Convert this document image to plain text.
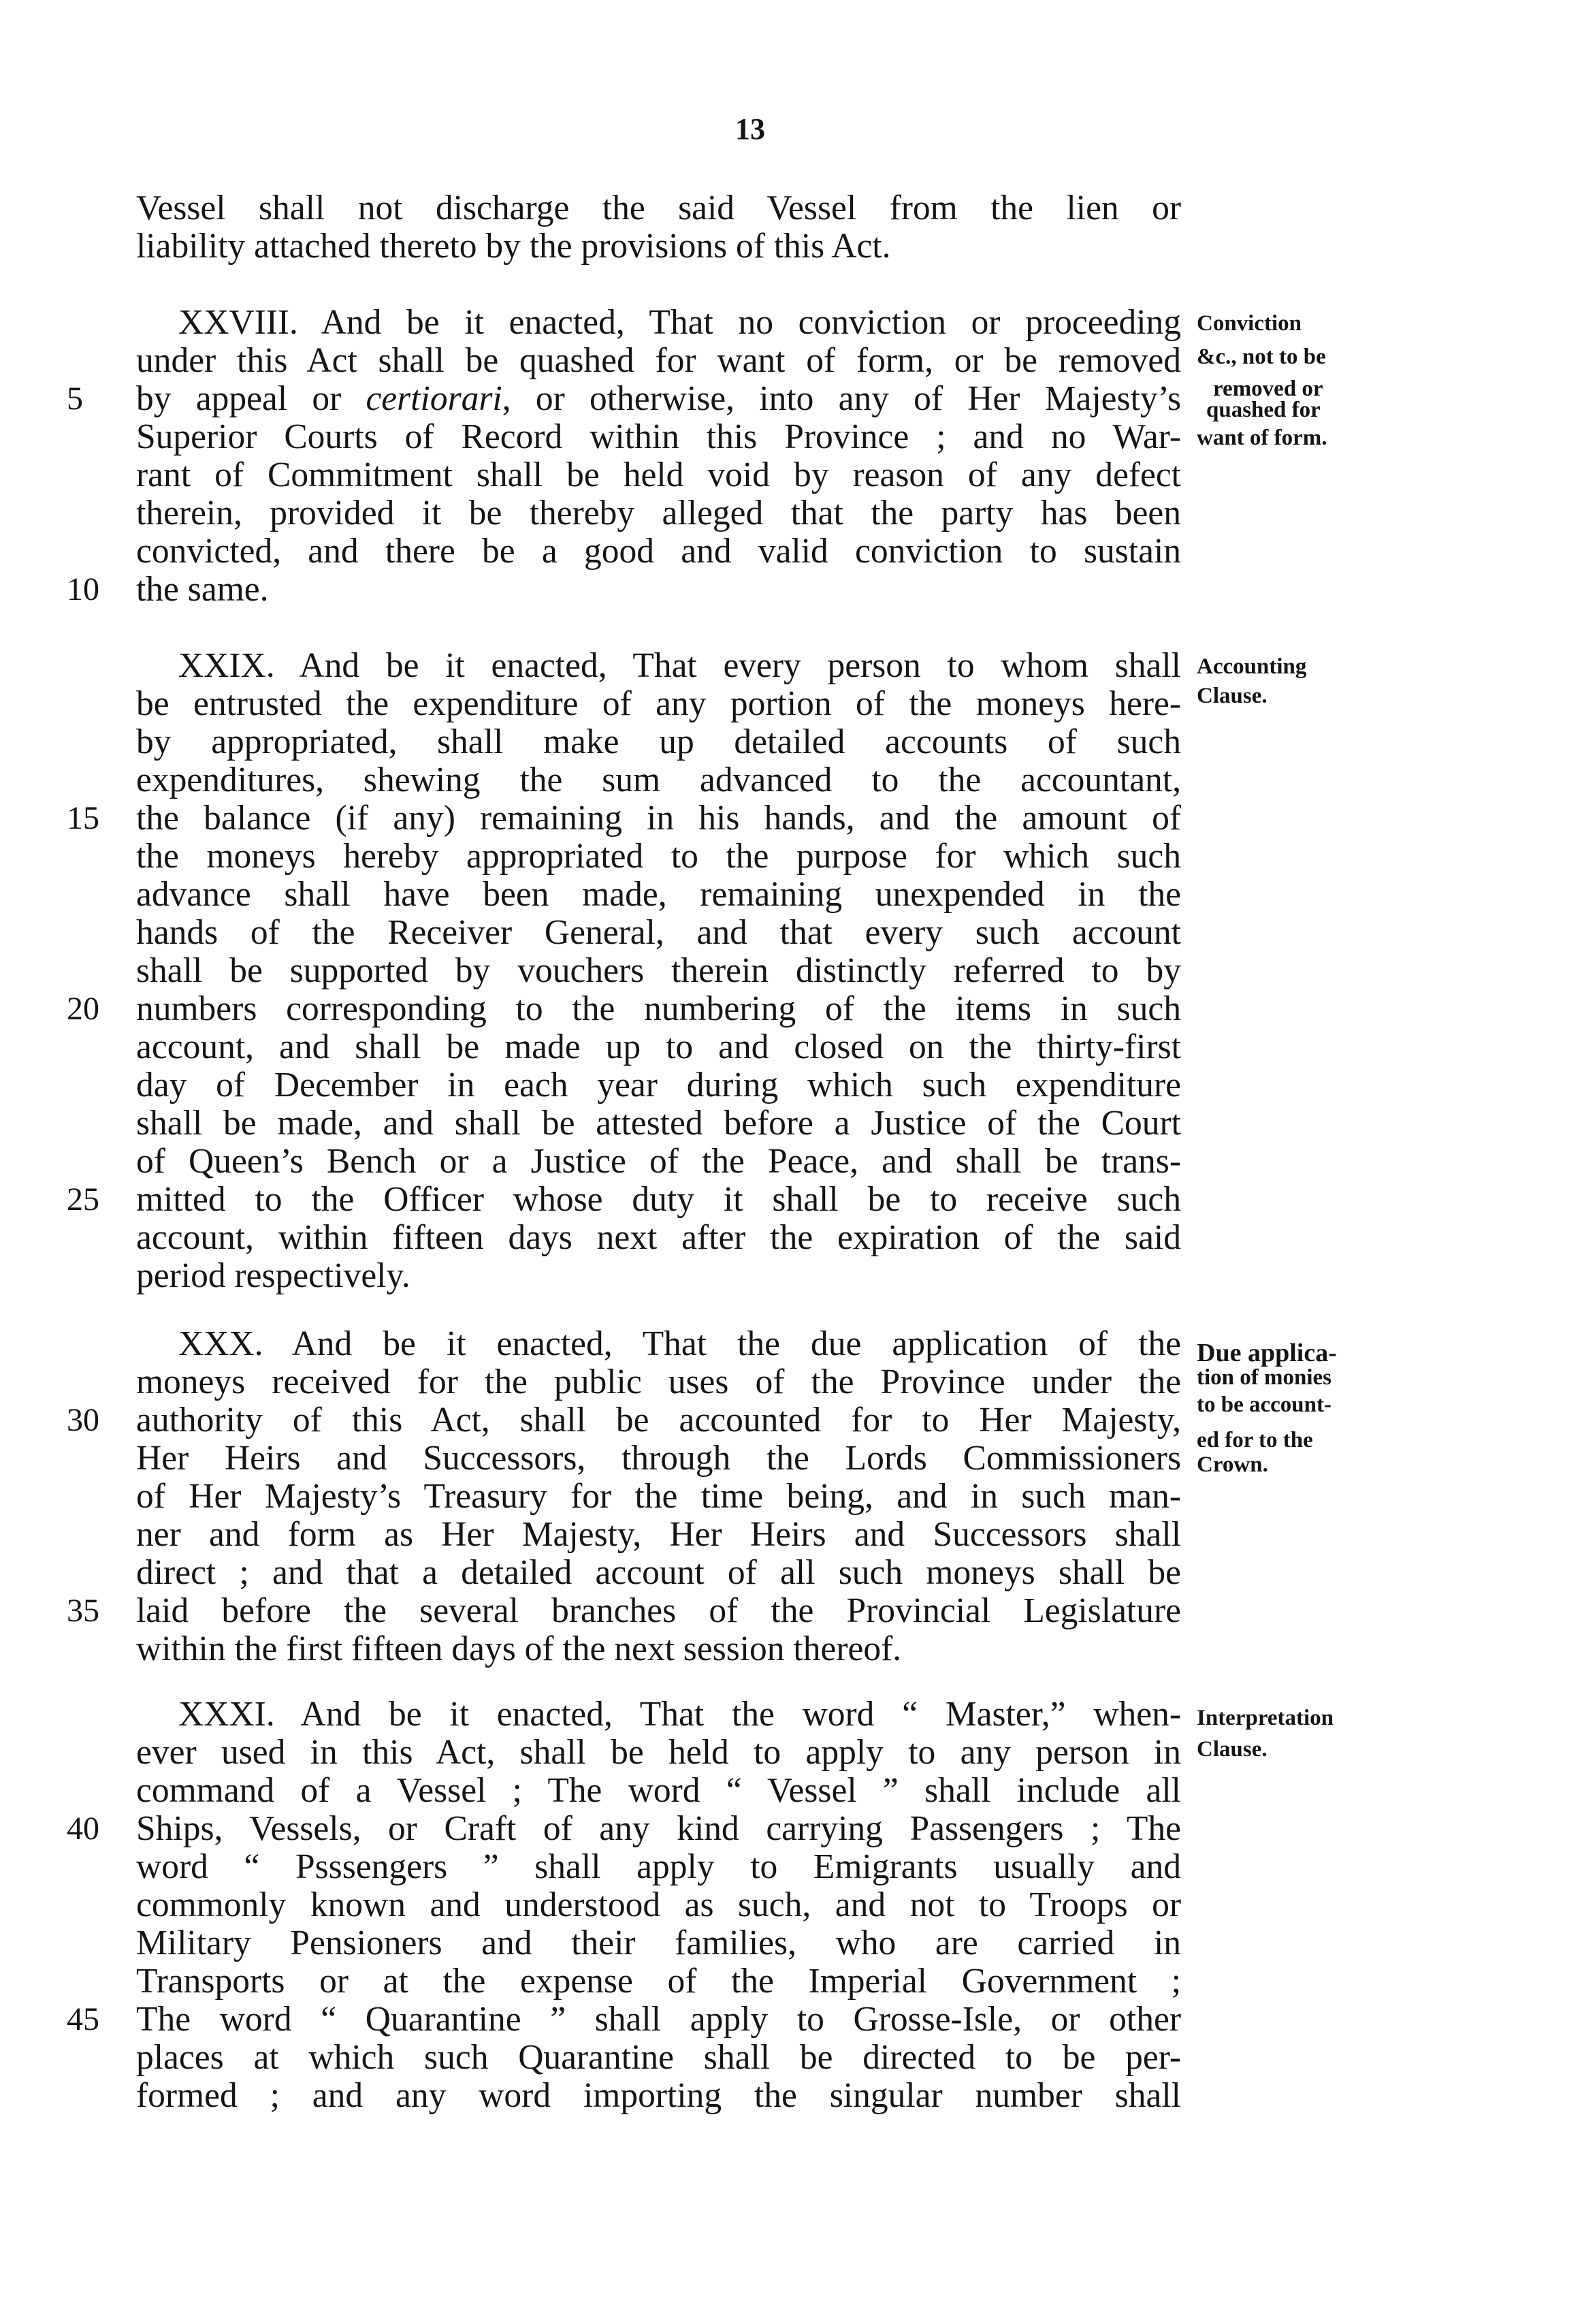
13
Vessel shall not discharge the said Vessel from the lien or
liability attached thereto by the provisions of this Act.
XXVIII. And be it enacted, That no conviction or proceeding
under this Act shall be quashed for want of form, or be removed
by appeal or certiorari, or otherwise, into any of Her Majesty’s
Superior Courts of Record within this Province ; and no War-
rant of Commitment shall be held void by reason of any defect
therein, provided it be thereby alleged that the party has been
convicted, and there be a good and valid conviction to sustain
the same.
XXIX. And be it enacted, That every person to whom shall
be entrusted the expenditure of any portion of the moneys here-
by appropriated, shall make up detailed accounts of such
expenditures, shewing the sum advanced to the accountant,
the balance (if any) remaining in his hands, and the amount of
the moneys hereby appropriated to the purpose for which such
advance shall have been made, remaining unexpended in the
hands of the Receiver General, and that every such account
shall be supported by vouchers therein distinctly referred to by
numbers corresponding to the numbering of the items in such
account, and shall be made up to and closed on the thirty-first
day of December in each year during which such expenditure
shall be made, and shall be attested before a Justice of the Court
of Queen’s Bench or a Justice of the Peace, and shall be trans-
mitted to the Officer whose duty it shall be to receive such
account, within fifteen days next after the expiration of the said
period respectively.
XXX. And be it enacted, That the due application of the
moneys received for the public uses of the Province under the
authority of this Act, shall be accounted for to Her Majesty,
Her Heirs and Successors, through the Lords Commissioners
of Her Majesty’s Treasury for the time being, and in such man-
ner and form as Her Majesty, Her Heirs and Successors shall
direct ; and that a detailed account of all such moneys shall be
laid before the several branches of the Provincial Legislature
within the first fifteen days of the next session thereof.
XXXI. And be it enacted, That the word “ Master,” when-
ever used in this Act, shall be held to apply to any person in
command of a Vessel ; The word “ Vessel ” shall include all
Ships, Vessels, or Craft of any kind carrying Passengers ; The
word “ Psssengers ” shall apply to Emigrants usually and
commonly known and understood as such, and not to Troops or
Military Pensioners and their families, who are carried in
Transports or at the expense of the Imperial Government ;
The word “ Quarantine ” shall apply to Grosse-Isle, or other
places at which such Quarantine shall be directed to be per-
formed ; and any word importing the singular number shall
5
10
15
20
25
30
35
40
45
Conviction
&c., not to be
removed or
quashed for
want of form.
Accounting
Clause.
Due applica-
tion of monies
to be account-
ed for to the
Crown.
Interpretation
Clause.
